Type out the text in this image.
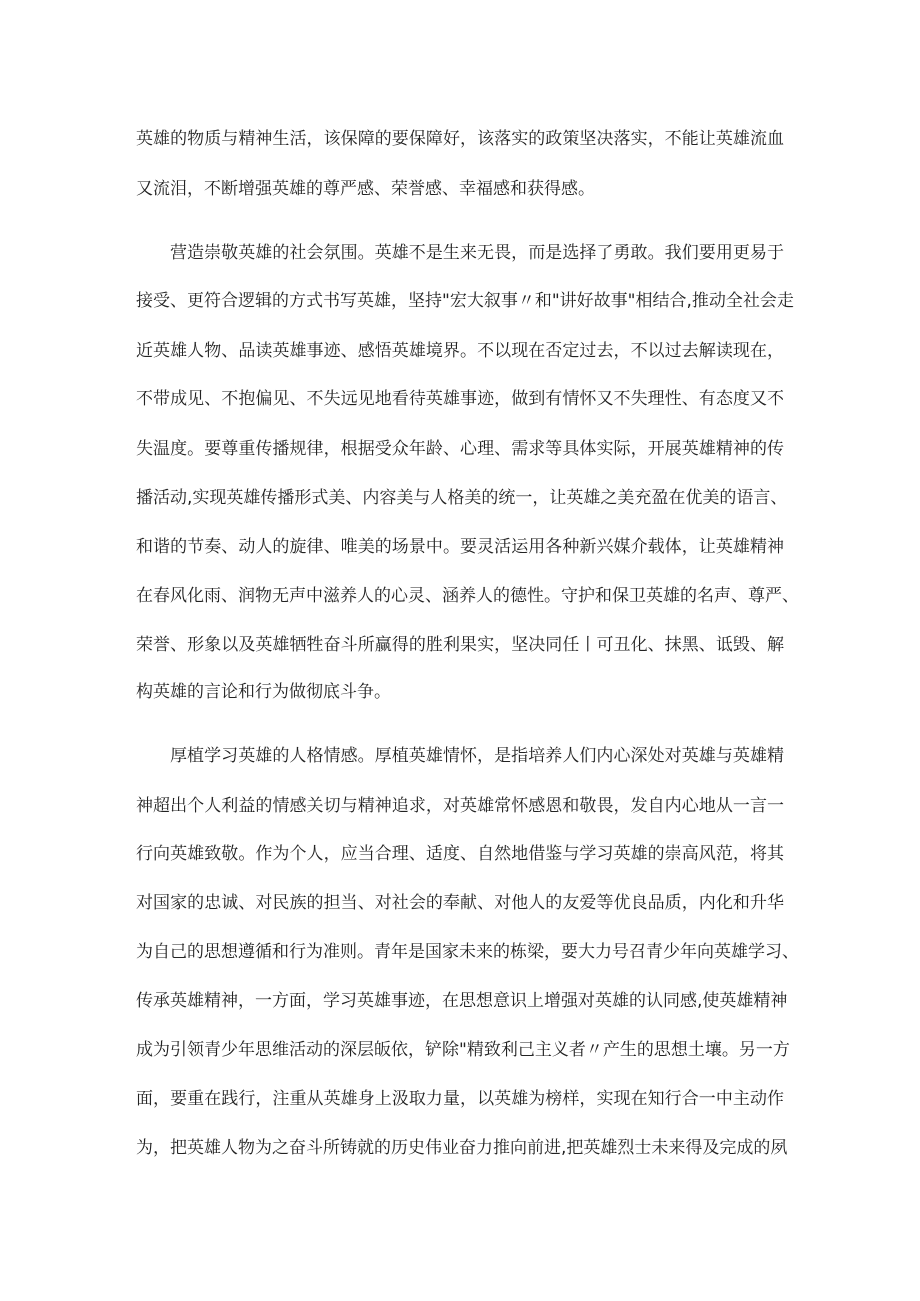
英雄的物质与精神生活，该保障的要保障好，该落实的政策坚决落实，不能让英雄流血

又流泪，不断增强英雄的尊严感、荣誉感、幸福感和获得感。

营造崇敬英雄的社会氛围。英雄不是生来无畏，而是选择了勇敢。我们要用更易于

接受、更符合逻辑的方式书写英雄，坚持"宏大叙事〃和"讲好故事"相结合,推动全社会走

近英雄人物、品读英雄事迹、感悟英雄境界。不以现在否定过去，不以过去解读现在，

不带成见、不抱偏见、不失远见地看待英雄事迹，做到有情怀又不失理性、有态度又不

失温度。要尊重传播规律，根据受众年龄、心理、需求等具体实际，开展英雄精神的传

播活动,实现英雄传播形式美、内容美与人格美的统一，让英雄之美充盈在优美的语言、

和谐的节奏、动人的旋律、唯美的场景中。要灵活运用各种新兴媒介载体，让英雄精神

在春风化雨、润物无声中滋养人的心灵、涵养人的德性。守护和保卫英雄的名声、尊严、

荣誉、形象以及英雄牺牲奋斗所赢得的胜利果实，坚决同任丨可丑化、抹黑、诋毁、解

构英雄的言论和行为做彻底斗争。

厚植学习英雄的人格情感。厚植英雄情怀，是指培养人们内心深处对英雄与英雄精

神超出个人利益的情感关切与精神追求，对英雄常怀感恩和敬畏，发自内心地从一言一

行向英雄致敬。作为个人，应当合理、适度、自然地借鉴与学习英雄的崇高风范，将其

对国家的忠诚、对民族的担当、对社会的奉献、对他人的友爱等优良品质，内化和升华

为自己的思想遵循和行为准则。青年是国家未来的栋梁，要大力号召青少年向英雄学习、

传承英雄精神，一方面，学习英雄事迹，在思想意识上增强对英雄的认同感,使英雄精神

成为引领青少年思维活动的深层皈依，铲除"精致利己主义者〃产生的思想土壤。另一方

面，要重在践行，注重从英雄身上汲取力量，以英雄为榜样，实现在知行合一中主动作

为，把英雄人物为之奋斗所铸就的历史伟业奋力推向前进,把英雄烈士未来得及完成的夙
